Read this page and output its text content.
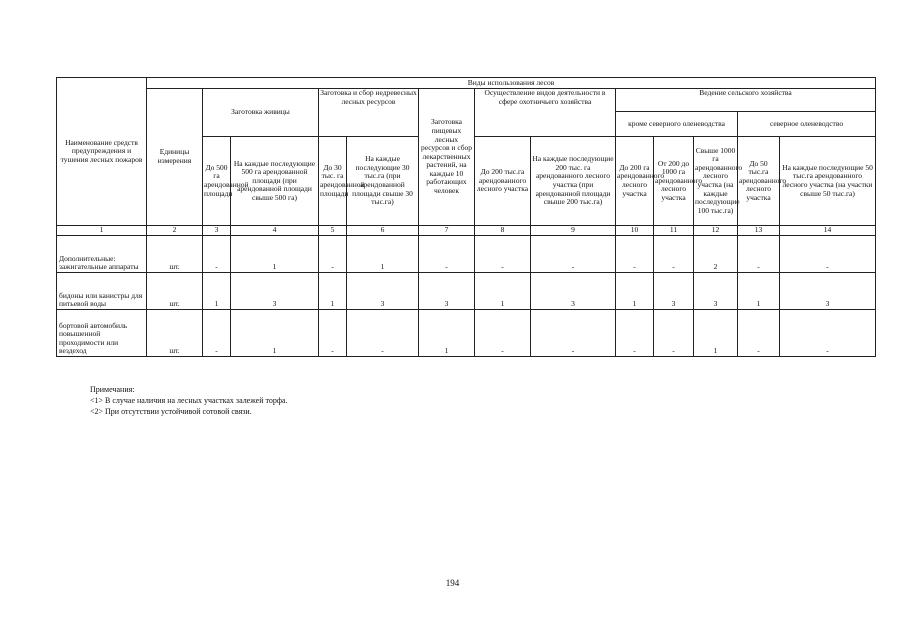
Наименование средств предупреждения и тушения лесных пожаров	Виды использования лесов												
	Единицы измерения	Заготовка живицы		Заготовка и сбор недревесных лесных ресурсов		Заготовка пищевых лесных ресурсов и сбор лекарственных растений, на каждые 10 работающих человек	Осуществление видов деятельности в сфере охотничьего хозяйства		Ведение сельского хозяйства				
									кроме северного оленеводства			северное оленеводство	
		До 500 га арендованной площади	На каждые последующие 500 га арендованной площади (при арендованной площади свыше 500 га)	До 30 тыс. га арендованной площади	На каждые последующие 30 тыс.га (при арендованной площади свыше 30 тыс.га)		До 200 тыс.га арендованного лесного участка	На каждые последующие 200 тыс. га арендованного лесного участка (при арендованной площади свыше 200 тыс.га)	До 200 га арендованного лесного участка	От 200 до 1000 га арендованного лесного участка	Свыше 1000 га арендованного лесного участка (на каждые последующие 100 тыс.га)	До 50 тыс.га арендованного лесного участка	На каждые последующие 50 тыс.га арендованного лесного участка (на участки свыше 50 тыс.га)
1	2	3	4	5	6	7	8	9	10	11	12	13	14
Дополнительные: зажигательные аппараты	шт.	-	1	-	1	-	-	-	-	-	2	-	-
бидоны или канистры для питьевой воды	шт.	1	3	1	3	3	1	3	1	3	3	1	3
бортовой автомобиль повышенной проходимости или вездеход	шт.	-	1	-	-	1	-	-	-	-	1	-	-
Примечания:
<1> В случае наличия на лесных участках залежей торфа.
<2> При отсутствии устойчивой сотовой связи.
194
